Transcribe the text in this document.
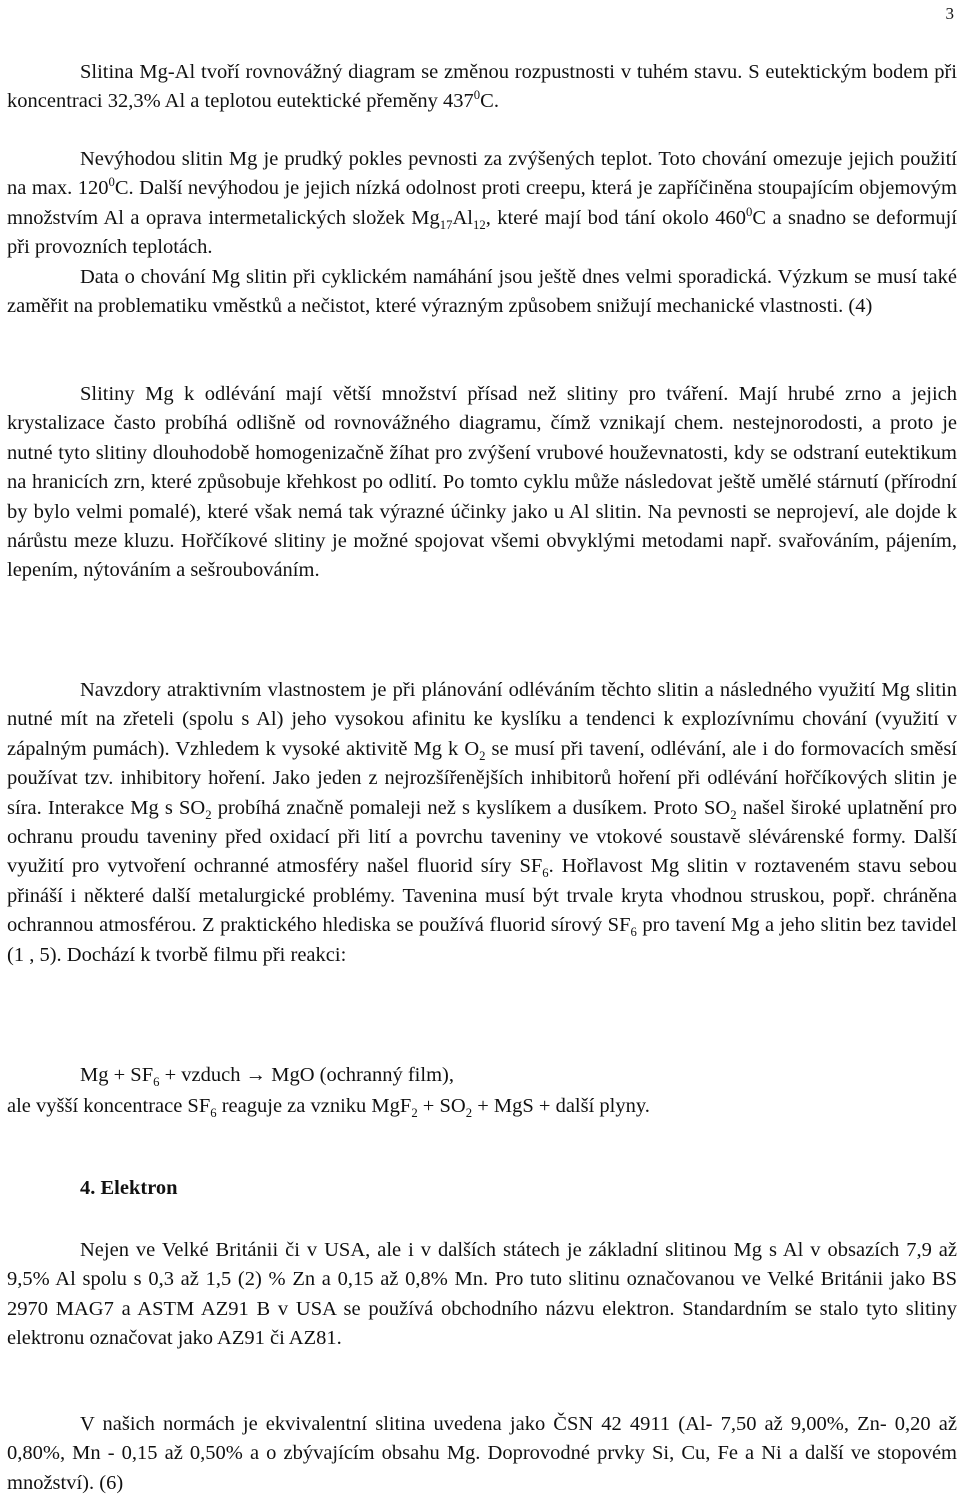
3

Slitina Mg-Al tvoří rovnovážný diagram se změnou rozpustnosti v tuhém stavu. S eutektickým bodem při koncentraci 32,3% Al a teplotou eutektické přeměny $437^0C$.

Nevýhodou slitin Mg je prudký pokles pevnosti za zvýšených teplot. Toto chování omezuje jejich použití na max. $120^0C$. Další nevýhodou je jejich nízká odolnost proti creepu, která je zapříčiněna stoupajícím objemovým množstvím Al a oprava intermetalických složek $Mg_{17}Al_{12}$, které mají bod tání okolo $460^0C$ a snadno se deformují při provozních teplotách.

Data o chování Mg slitin při cyklickém namáhání jsou ještě dnes velmi sporadická. Výzkum se musí také zaměřit na problematiku vměstků a nečistot, které výrazným způsobem snižují mechanické vlastnosti. (4)

Slitiny Mg k odlévání mají větší množství přísad než slitiny pro tváření. Mají hrubé zrno a jejich krystalizace často probíhá odlišně od rovnovážného diagramu, čímž vznikají chem. nestejnorodosti, a proto je nutné tyto slitiny dlouhodobě homogenizačně žíhat pro zvýšení vrubové houževnatosti, kdy se odstraní eutektikum na hranicích zrn, které způsobuje křehkost po odlití. Po tomto cyklu může následovat ještě umělé stárnutí (přírodní by bylo velmi pomalé), které však nemá tak výrazné účinky jako u Al slitin. Na pevnosti se neprojeví, ale dojde k nárůstu meze kluzu. Hořčíkové slitiny je možné spojovat všemi obvyklými metodami např. svařováním, pájením, lepením, nýtováním a sešroubováním.

Navzdory atraktivním vlastnostem je při plánování odléváním těchto slitin a následného využití Mg slitin nutné mít na zřeteli (spolu s Al) jeho vysokou afinitu ke kyslíku a tendenci k explozívnímu chování (využití v zápalným pumách). Vzhledem k vysoké aktivitě Mg k $O_2$ se musí při tavení, odlévání, ale i do formovacích směsí používat tzv. inhibitory hoření. Jako jeden z nejrozšířenějších inhibitorů hoření při odlévání hořčíkových slitin je síra. Interakce Mg s $SO_2$ probíhá značně pomaleji než s kyslíkem a dusíkem. Proto $SO_2$ našel široké uplatnění pro ochranu proudu taveniny před oxidací při lití a povrchu taveniny ve vtokové soustavě slévárenské formy. Další využití pro vytvoření ochranné atmosféry našel fluorid síry $SF_6$. Hořlavost Mg slitin v roztaveném stavu sebou přináší i některé další metalurgické problémy. Tavenina musí být trvale kryta vhodnou struskou, popř. chráněna ochrannou atmosférou. Z praktického hlediska se používá fluorid sírový $SF_6$ pro tavení Mg a jeho slitin bez tavidel (1 , 5). Dochází k tvorbě filmu při reakci:

$Mg + SF_6$ + vzduch → MgO (ochranný film),
ale vyšší koncentrace $SF_6$ reaguje za vzniku $MgF_2 + SO_2$ + MgS + další plyny.
4. Elektron

Nejen ve Velké Británii či v USA, ale i v dalších státech je základní slitinou Mg s Al v obsazích 7,9 až 9,5% Al spolu s 0,3 až 1,5 (2) % Zn a 0,15 až 0,8% Mn. Pro tuto slitinu označovanou ve Velké Británii jako BS 2970 MAG7 a ASTM AZ91 B v USA se používá obchodního názvu elektron. Standardním se stalo tyto slitiny elektronu označovat jako AZ91 či AZ81.

V našich normách je ekvivalentní slitina uvedena jako ČSN 42 4911 (Al- 7,50 až 9,00%, Zn- 0,20 až 0,80%, Mn - 0,15 až 0,50% a o zbývajícím obsahu Mg. Doprovodné prvky Si, Cu, Fe a Ni a další ve stopovém množství). (6)
